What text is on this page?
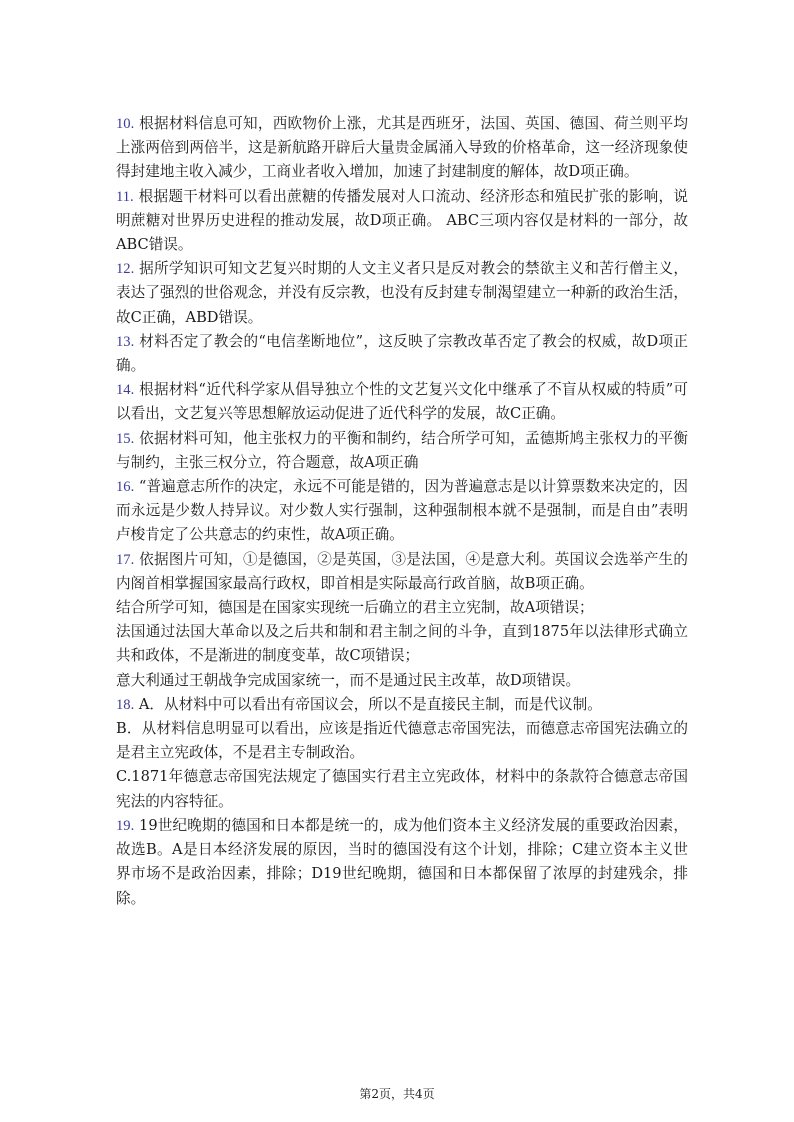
10. 根据材料信息可知，西欧物价上涨，尤其是西班牙，法国、英国、德国、荷兰则平均上涨两倍到两倍半，这是新航路开辟后大量贵金属涌入导致的价格革命，这一经济现象使得封建地主收入减少，工商业者收入增加，加速了封建制度的解体，故D项正确。

11. 根据题干材料可以看出蔗糖的传播发展对人口流动、经济形态和殖民扩张的影响，说明蔗糖对世界历史进程的推动发展，故D项正确。 ABC三项内容仅是材料的一部分，故ABC错误。

12. 据所学知识可知文艺复兴时期的人文主义者只是反对教会的禁欲主义和苦行僧主义，表达了强烈的世俗观念，并没有反宗教，也没有反封建专制渴望建立一种新的政治生活，故C正确，ABD错误。

13. 材料否定了教会的“电信垄断地位”，这反映了宗教改革否定了教会的权威，故D项正确。

14. 根据材料“近代科学家从倡导独立个性的文艺复兴文化中继承了不盲从权威的特质”可以看出，文艺复兴等思想解放运动促进了近代科学的发展，故C正确。

15. 依据材料可知，他主张权力的平衡和制约，结合所学可知，孟德斯鸠主张权力的平衡与制约，主张三权分立，符合题意，故A项正确

16. “普遍意志所作的决定，永远不可能是错的，因为普遍意志是以计算票数来决定的，因而永远是少数人持异议。对少数人实行强制，这种强制根本就不是强制，而是自由”表明卢梭肯定了公共意志的约束性，故A项正确。

17. 依据图片可知，①是德国，②是英国，③是法国，④是意大利。英国议会选举产生的内阁首相掌握国家最高行政权，即首相是实际最高行政首脑，故B项正确。

结合所学可知，德国是在国家实现统一后确立的君主立宪制，故A项错误；

法国通过法国大革命以及之后共和制和君主制之间的斗争，直到1875年以法律形式确立共和政体，不是渐进的制度变革，故C项错误；

意大利通过王朝战争完成国家统一，而不是通过民主改革，故D项错误。

18. A．从材料中可以看出有帝国议会，所以不是直接民主制，而是代议制。

B．从材料信息明显可以看出，应该是指近代德意志帝国宪法，而德意志帝国宪法确立的是君主立宪政体，不是君主专制政治。

C.1871年德意志帝国宪法规定了德国实行君主立宪政体，材料中的条款符合德意志帝国宪法的内容特征。

19. 19世纪晚期的德国和日本都是统一的，成为他们资本主义经济发展的重要政治因素，故选B。A是日本经济发展的原因，当时的德国没有这个计划，排除；C建立资本主义世界市场不是政治因素，排除；D19世纪晚期，德国和日本都保留了浓厚的封建残余，排除。

第2页，共4页
